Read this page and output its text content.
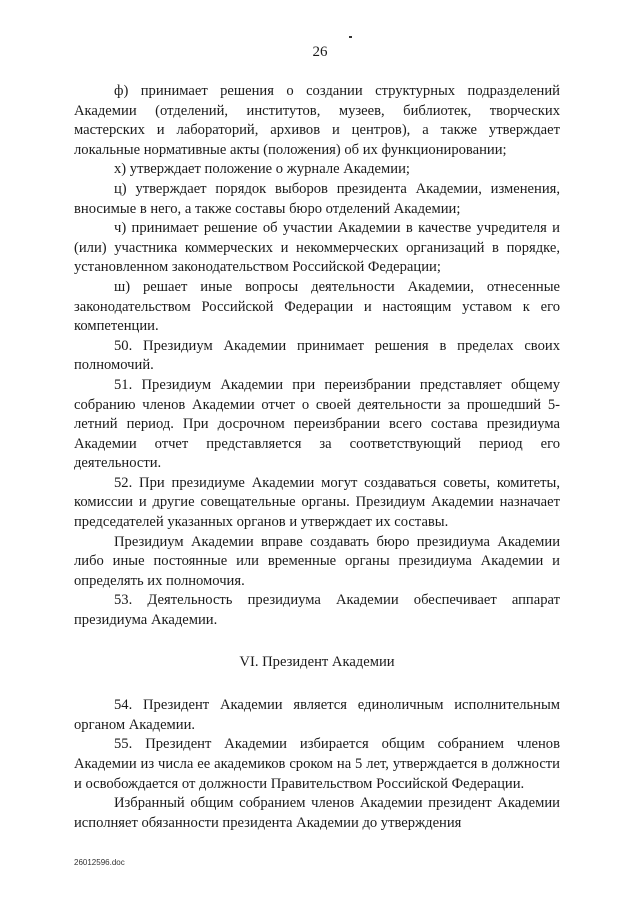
26

ф) принимает решения о создании структурных подразделений Академии (отделений, институтов, музеев, библиотек, творческих мастерских и лабораторий, архивов и центров), а также утверждает локальные нормативные акты (положения) об их функционировании;

х) утверждает положение о журнале Академии;

ц) утверждает порядок выборов президента Академии, изменения, вносимые в него, а также составы бюро отделений Академии;

ч) принимает решение об участии Академии в качестве учредителя и (или) участника коммерческих и некоммерческих организаций в порядке, установленном законодательством Российской Федерации;

ш) решает иные вопросы деятельности Академии, отнесенные законодательством Российской Федерации и настоящим уставом к его компетенции.

50. Президиум Академии принимает решения в пределах своих полномочий.

51. Президиум Академии при переизбрании представляет общему собранию членов Академии отчет о своей деятельности за прошедший 5-летний период. При досрочном переизбрании всего состава президиума Академии отчет представляется за соответствующий период его деятельности.

52. При президиуме Академии могут создаваться советы, комитеты, комиссии и другие совещательные органы. Президиум Академии назначает председателей указанных органов и утверждает их составы.

Президиум Академии вправе создавать бюро президиума Академии либо иные постоянные или временные органы президиума Академии и определять их полномочия.

53. Деятельность президиума Академии обеспечивает аппарат президиума Академии.

VI. Президент Академии

54. Президент Академии является единоличным исполнительным органом Академии.

55. Президент Академии избирается общим собранием членов Академии из числа ее академиков сроком на 5 лет, утверждается в должности и освобождается от должности Правительством Российской Федерации.

Избранный общим собранием членов Академии президент Академии исполняет обязанности президента Академии до утверждения

26012596.doc
